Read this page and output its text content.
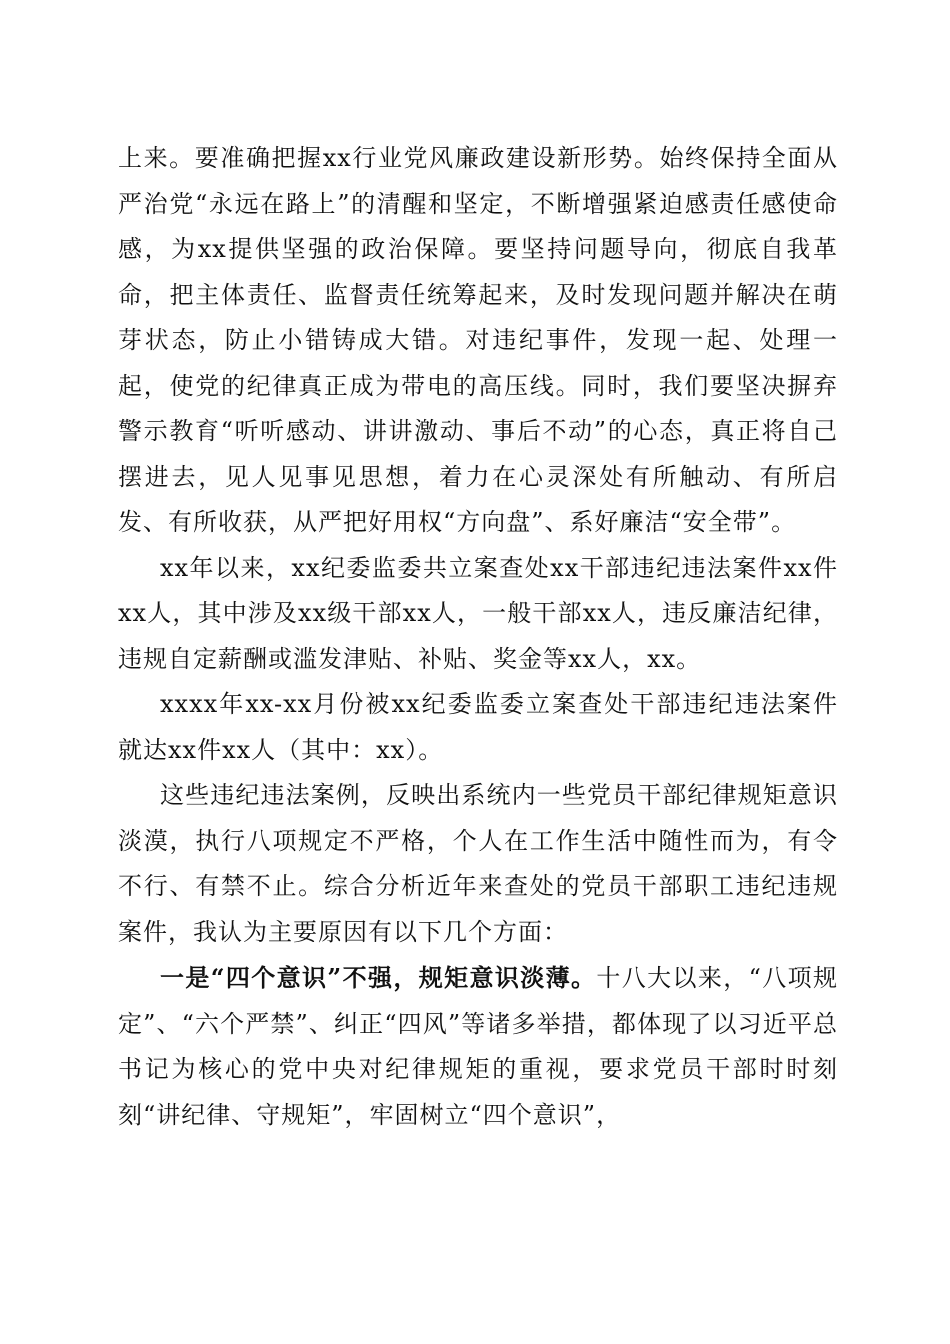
上来。要准确把握xx行业党风廉政建设新形势。始终保持全面从严治党“永远在路上”的清醒和坚定，不断增强紧迫感责任感使命感，为xx提供坚强的政治保障。要坚持问题导向，彻底自我革命，把主体责任、监督责任统筹起来，及时发现问题并解决在萌芽状态，防止小错铸成大错。对违纪事件，发现一起、处理一起，使党的纪律真正成为带电的高压线。同时，我们要坚决摒弃警示教育“听听感动、讲讲激动、事后不动”的心态，真正将自己摆进去，见人见事见思想，着力在心灵深处有所触动、有所启发、有所收获，从严把好用权“方向盘”、系好廉洁“安全带”。

xx年以来，xx纪委监委共立案查处xx干部违纪违法案件xx件xx人，其中涉及xx级干部xx人，一般干部xx人，违反廉洁纪律，违规自定薪酬或滥发津贴、补贴、奖金等xx人，xx。

xxxx年xx-xx月份被xx纪委监委立案查处干部违纪违法案件就达xx件xx人（其中：xx）。

这些违纪违法案例，反映出系统内一些党员干部纪律规矩意识淡漠，执行八项规定不严格，个人在工作生活中随性而为，有令不行、有禁不止。综合分析近年来查处的党员干部职工违纪违规案件，我认为主要原因有以下几个方面：

一是“四个意识”不强，规矩意识淡薄。十八大以来，“八项规定”、“六个严禁”、纠正“四风”等诸多举措，都体现了以习近平总书记为核心的党中央对纪律规矩的重视，要求党员干部时时刻刻“讲纪律、守规矩”，牢固树立“四个意识”，
